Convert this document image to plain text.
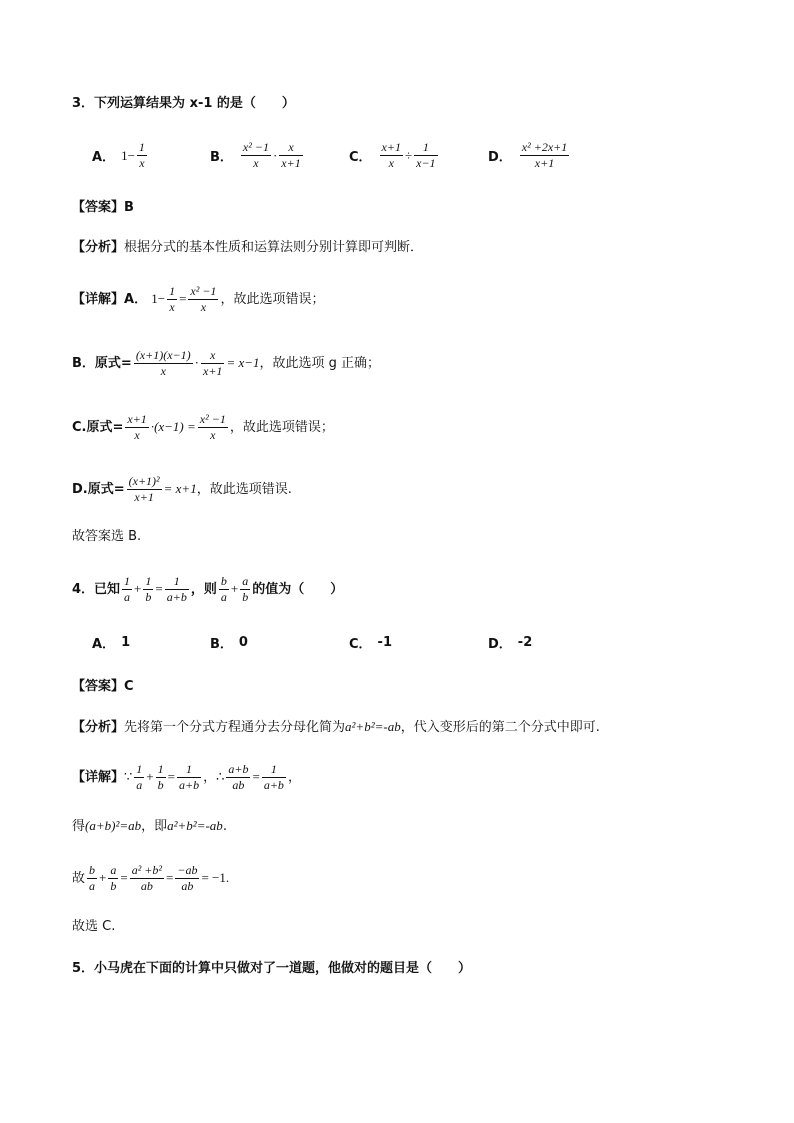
3．下列运算结果为 x-1 的是（　　）
A． $1- \frac{1}{x}$	B． $\frac{\text{x² −1}}{x} \cdot \frac{x}{x+1}$	C． $\frac{x+1}{x} \div \frac{1}{x-1}$	D． $\frac{\text{x² +2x+1}}{x+1}$
【答案】B
【分析】根据分式的基本性质和运算法则分别计算即可判断．
【详解】A． $1- \frac{1}{x} = \frac{\text{x² −1}}{x}$ ，故此选项错误；
B．原式= $\frac{(x+1)(x-1)}{x} \cdot \frac{x}{x+1} = x-1$，故此选项 g 正确；
C.原式= $\frac{x+1}{x} \cdot(x-1) = \frac{\text{x² −1}}{x}$ ，故此选项错误；
D.原式= $\frac{\text{(x+1)²}}{x+1} = x+1$，故此选项错误.
故答案选 B.
4．已知 $\frac{1}{a} + \frac{1}{b} = \frac{1}{a+b}$ ，则 $\frac{b}{a} + \frac{a}{b}$ 的值为（　　）
A． 1	B． 0	C． -1	D． -2
【答案】C
【分析】先将第一个分式方程通分去分母化简为a²+b²=-ab，代入变形后的第二个分式中即可.
【详解】∵ $\frac{1}{a} + \frac{1}{b} = \frac{1}{a+b}$ ，∴ $\frac{a+b}{ab} = \frac{1}{a+b}$ ，
得(a+b)²=ab，即a²+b²=-ab.
故 $\frac{b}{a} + \frac{a}{b} = \frac{\text{a² +b²}}{ab} = \frac{-ab}{ab} = -1$.
故选 C.
5．小马虎在下面的计算中只做对了一道题，他做对的题目是（　　）
